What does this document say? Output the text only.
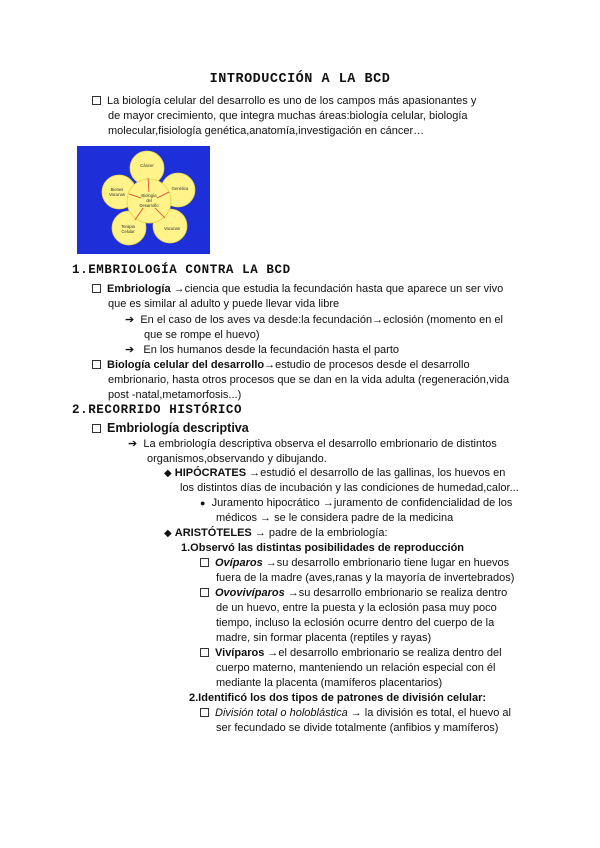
INTRODUCCIÓN A LA BCD
La biología celular del desarrollo es uno de los campos más apasionantes y
de mayor crecimiento, que integra muchas áreas:biología celular, biología
molecular,fisiología genética,anatomía,investigación en cáncer…
Biología
del
Desarrollo
Cáncer
Genética
Vacunas
Terapia
Celular
Bienes
Vacunas
1.EMBRIOLOGÍA CONTRA LA BCD
Embriología →ciencia que estudia la fecundación hasta que aparece un ser vivo
que es similar al adulto y puede llevar vida libre
➔ En el caso de los aves va desde:la fecundación→eclosión (momento en el
que se rompe el huevo)
➔   En los humanos desde la fecundación hasta el parto
Biología celular del desarrollo→estudio de procesos desde el desarrollo
embrionario, hasta otros procesos que se dan en la vida adulta (regeneración,vida
post -natal,metamorfosis...)
2.RECORRIDO HISTÓRICO
Embriología descriptiva
➔ La embriología descriptiva observa el desarrollo embrionario de distintos
organismos,observando y dibujando.
◆ HIPÓCRATES →estudió el desarrollo de las gallinas, los huevos en
los distintos días de incubación y las condiciones de humedad,calor...
● Juramento hipocrático →juramento de confidencialidad de los
médicos → se le considera padre de la medicina
◆ ARISTÓTELES → padre de la embriología:
1.Observó las distintas posibilidades de reproducción
Ovíparos →su desarrollo embrionario tiene lugar en huevos
fuera de la madre (aves,ranas y la mayoría de invertebrados)
Ovovivíparos →su desarrollo embrionario se realiza dentro
de un huevo, entre la puesta y la eclosión pasa muy poco
tiempo, incluso la eclosión ocurre dentro del cuerpo de la
madre, sin formar placenta (reptiles y rayas)
Vivíparos →el desarrollo embrionario se realiza dentro del
cuerpo materno, manteniendo un relación especial con él
mediante la placenta (mamíferos placentarios)
2.Identificó los dos tipos de patrones de división celular:
División total o holoblástica → la división es total, el huevo al
ser fecundado se divide totalmente (anfibios y mamíferos)
